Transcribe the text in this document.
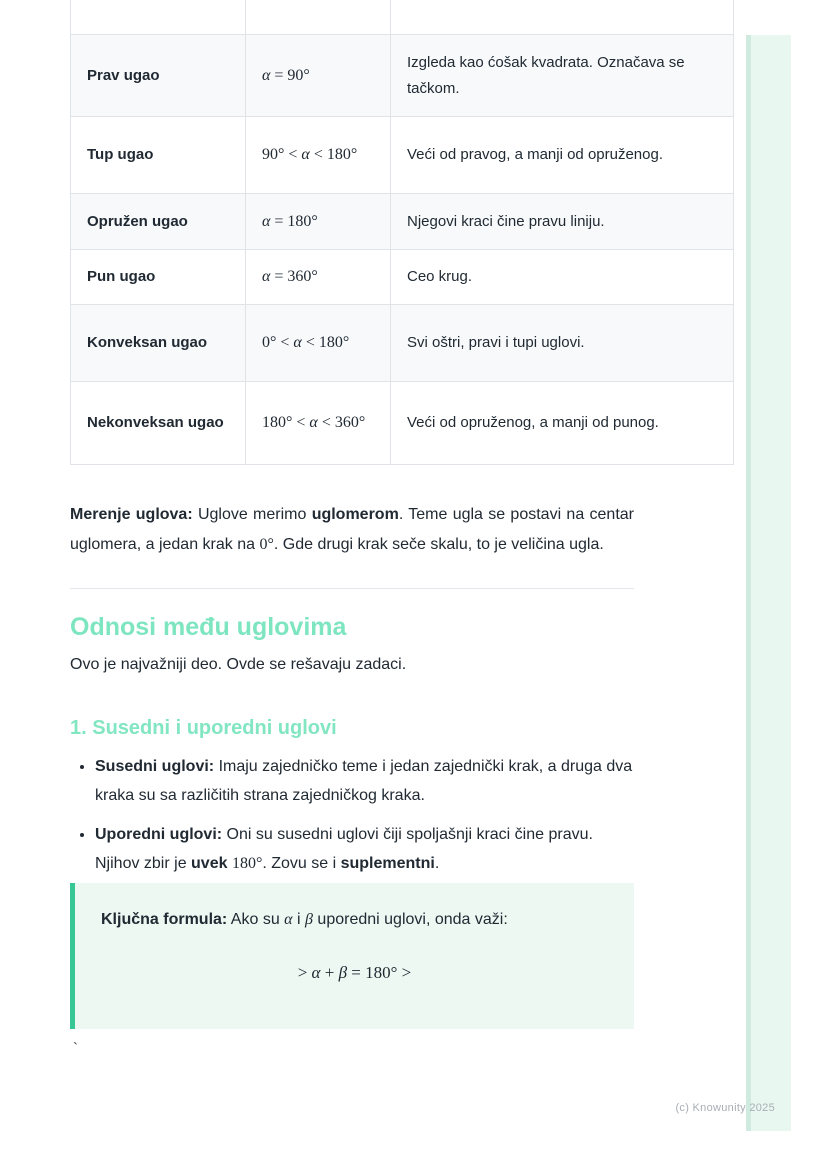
Prav ugao	α = 90°	Izgleda kao ćošak kvadrata. Označava se tačkom.
Tup ugao	90° < α < 180°	Veći od pravog, a manji od opruženog.
Opružen ugao	α = 180°	Njegovi kraci čine pravu liniju.
Pun ugao	α = 360°	Ceo krug.
Konveksan ugao	0° < α < 180°	Svi oštri, pravi i tupi uglovi.
Nekonveksan ugao	180° < α < 360°	Veći od opruženog, a manji od punog.

Merenje uglova: Uglove merimo uglomerom. Teme ugla se postavi na centar uglomera, a jedan krak na 0°. Gde drugi krak seče skalu, to je veličina ugla.

Odnosi među uglovima

Ovo je najvažniji deo. Ovde se rešavaju zadaci.

1. Susedni i uporedni uglovi
• Susedni uglovi: Imaju zajedničko teme i jedan zajednički krak, a druga dva kraka su sa različitih strana zajedničkog kraka.
• Uporedni uglovi: Oni su susedni uglovi čiji spoljašnji kraci čine pravu. Njihov zbir je uvek 180°. Zovu se i suplementni.
Ključna formula: Ako su α i β uporedni uglovi, onda važi:
> α + β = 180° >
`
(c) Knowunity 2025
